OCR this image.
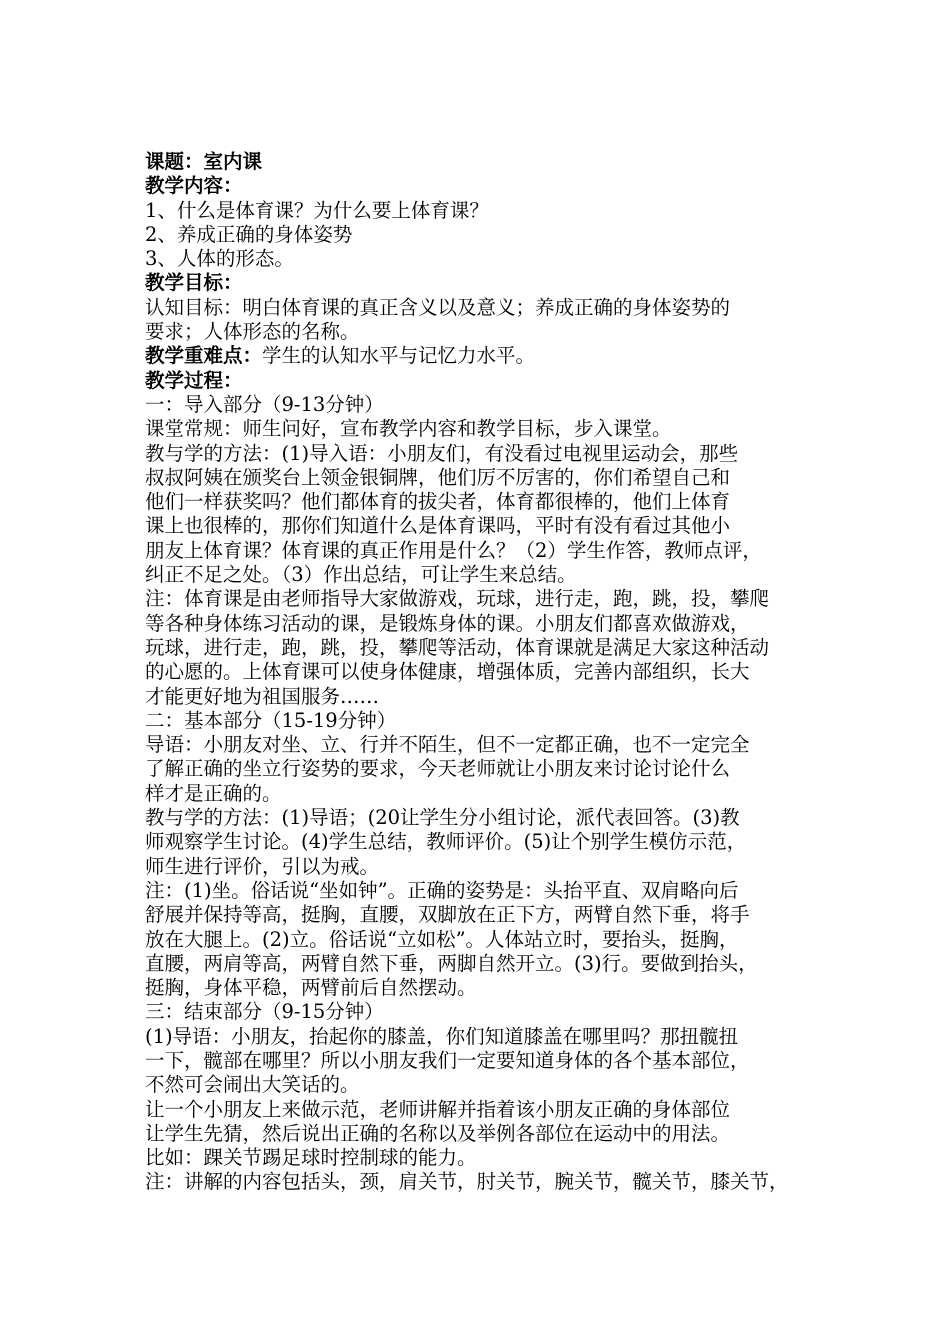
课题：室内课

教学内容：

1、什么是体育课？为什么要上体育课？

2、养成正确的身体姿势

3、人体的形态。

教学目标：

认知目标：明白体育课的真正含义以及意义；养成正确的身体姿势的

要求；人体形态的名称。

教学重难点：学生的认知水平与记忆力水平。

教学过程：

一：导入部分（9-13分钟）

课堂常规：师生问好，宣布教学内容和教学目标，步入课堂。

教与学的方法：(1)导入语：小朋友们，有没看过电视里运动会，那些

叔叔阿姨在颁奖台上领金银铜牌，他们厉不厉害的，你们希望自己和

他们一样获奖吗？他们都体育的拔尖者，体育都很棒的，他们上体育

课上也很棒的，那你们知道什么是体育课吗，平时有没有看过其他小

朋友上体育课？体育课的真正作用是什么？（2）学生作答，教师点评，

纠正不足之处。（3）作出总结，可让学生来总结。

注：体育课是由老师指导大家做游戏，玩球，进行走，跑，跳，投，攀爬

等各种身体练习活动的课，是锻炼身体的课。小朋友们都喜欢做游戏，

玩球，进行走，跑，跳，投，攀爬等活动，体育课就是满足大家这种活动

的心愿的。上体育课可以使身体健康，增强体质，完善内部组织，长大

才能更好地为祖国服务……

二：基本部分（15-19分钟）

导语：小朋友对坐、立、行并不陌生，但不一定都正确，也不一定完全

了解正确的坐立行姿势的要求，今天老师就让小朋友来讨论讨论什么

样才是正确的。

教与学的方法：(1)导语；(20让学生分小组讨论，派代表回答。(3)教

师观察学生讨论。(4)学生总结，教师评价。(5)让个别学生模仿示范，

师生进行评价，引以为戒。

注：(1)坐。俗话说“坐如钟”。正确的姿势是：头抬平直、双肩略向后

舒展并保持等高，挺胸，直腰，双脚放在正下方，两臂自然下垂，将手

放在大腿上。(2)立。俗话说“立如松”。人体站立时，要抬头，挺胸，

直腰，两肩等高，两臂自然下垂，两脚自然开立。(3)行。要做到抬头，

挺胸，身体平稳，两臂前后自然摆动。

三：结束部分（9-15分钟）

(1)导语：小朋友，抬起你的膝盖，你们知道膝盖在哪里吗？那扭髋扭

一下，髋部在哪里？所以小朋友我们一定要知道身体的各个基本部位，

不然可会闹出大笑话的。

让一个小朋友上来做示范，老师讲解并指着该小朋友正确的身体部位

让学生先猜，然后说出正确的名称以及举例各部位在运动中的用法。

比如：踝关节踢足球时控制球的能力。

注：讲解的内容包括头，颈，肩关节，肘关节，腕关节，髋关节，膝关节，
